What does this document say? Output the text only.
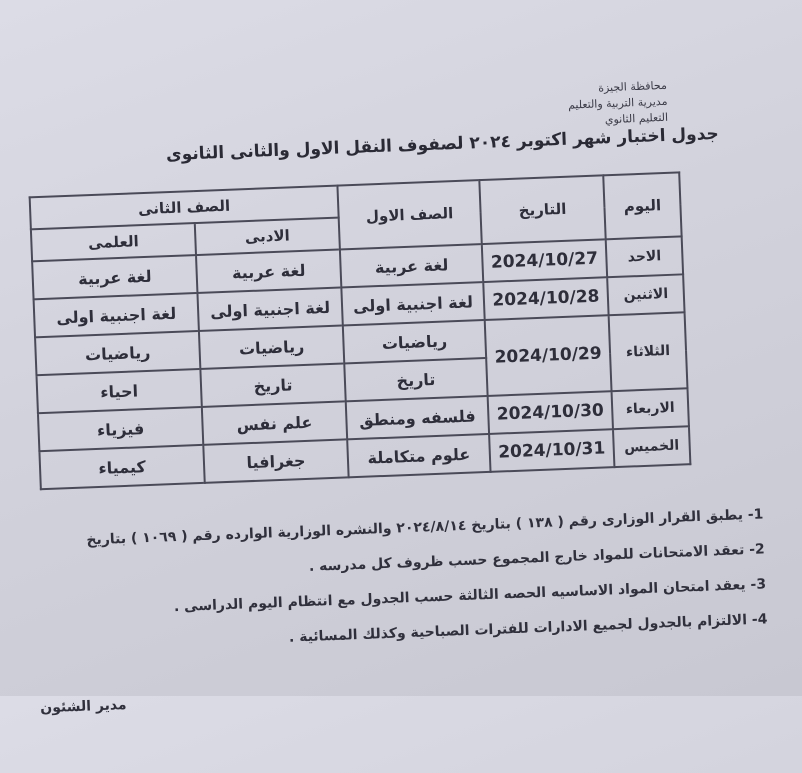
محافظة الجيزة
مديرية التربية والتعليم
التعليم الثانوي
جدول اختبار شهر اكتوبر ٢٠٢٤ لصفوف النقل الاول والثانى الثانوى
اليوم	التاريخ	الصف الاول	الصف الثانى	
			الادبى	العلمى
الاحد	2024/10/27	لغة عربية	لغة عربية	لغة عربية
الاثنين	2024/10/28	لغة اجنبية اولى	لغة اجنبية اولى	لغة اجنبية اولى
الثلاثاء	2024/10/29	رياضيات	رياضيات	رياضيات
		تاريخ	تاريخ	احياء
الاربعاء	2024/10/30	فلسفه ومنطق	علم نفس	فيزياء
الخميس	2024/10/31	علوم متكاملة	جغرافيا	كيمياء

1- يطبق القرار الوزارى رقم ( ١٣٨ ) بتاريخ ٢٠٢٤/٨/١٤ والنشره الوزارية الوارده رقم ( ١٠٦٩ ) بتاريخ

2- تعقد الامتحانات للمواد خارج المجموع حسب ظروف كل مدرسه .

3- يعقد امتحان المواد الاساسيه الحصه الثالثة حسب الجدول مع انتظام اليوم الدراسى .

4- الالتزام بالجدول لجميع الادارات للفترات الصباحية وكذلك المسائية .

مدير الشئون
